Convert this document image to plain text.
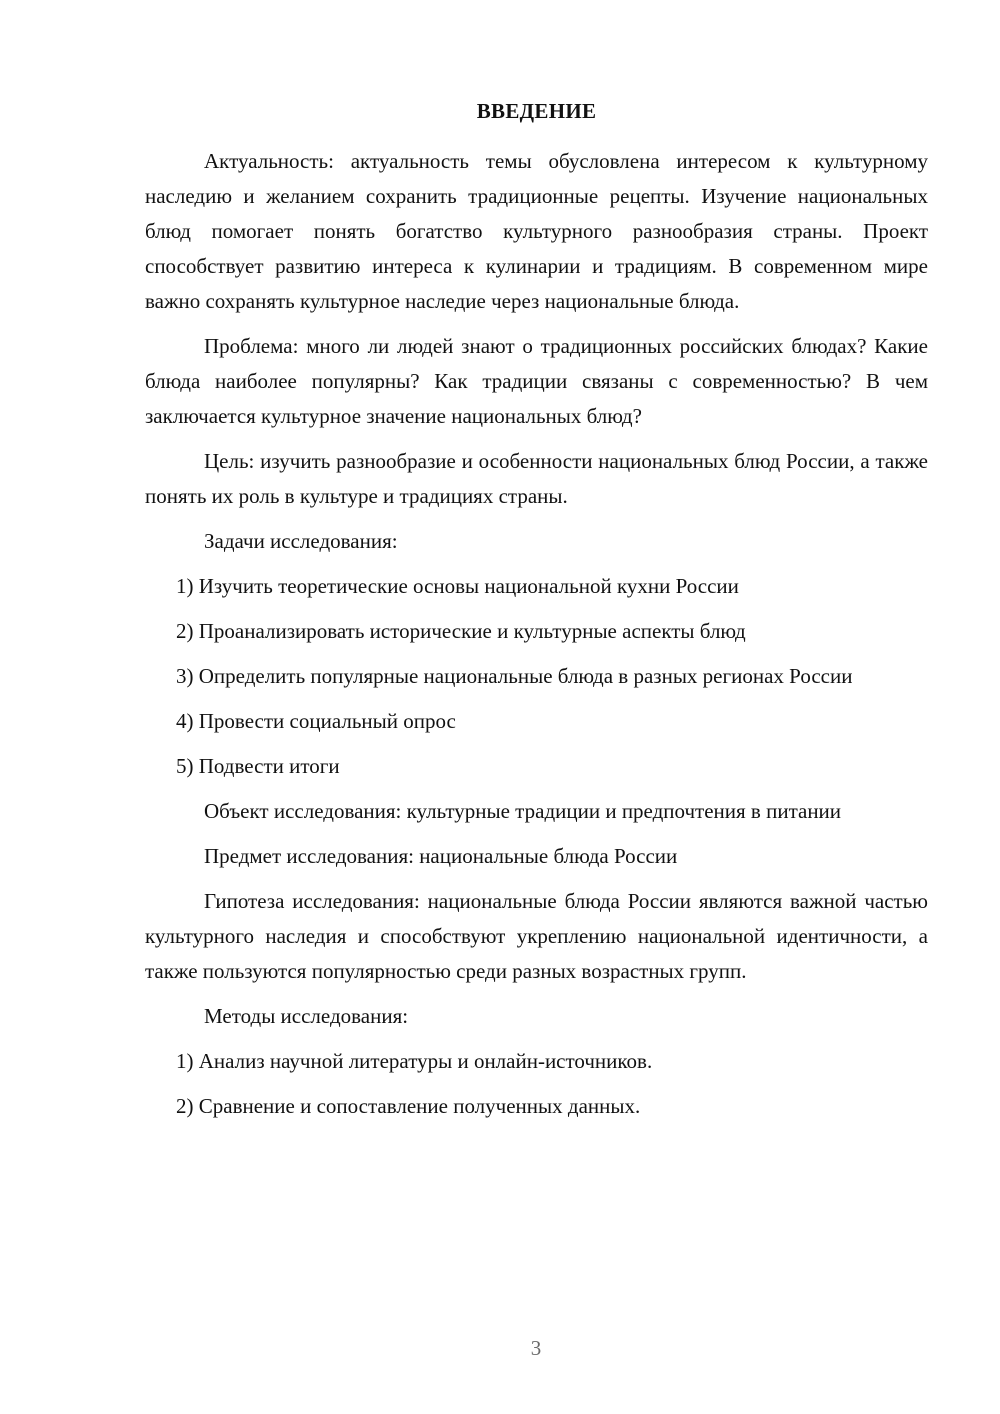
ВВЕДЕНИЕ

Актуальность: актуальность темы обусловлена интересом к культурному наследию и желанием сохранить традиционные рецепты. Изучение национальных блюд помогает понять богатство культурного разнообразия страны. Проект способствует развитию интереса к кулинарии и традициям. В современном мире важно сохранять культурное наследие через национальные блюда.

Проблема: много ли людей знают о традиционных российских блюдах? Какие блюда наиболее популярны? Как традиции связаны с современностью? В чем заключается культурное значение национальных блюд?

Цель: изучить разнообразие и особенности национальных блюд России, а также понять их роль в культуре и традициях страны.

Задачи исследования:

1) Изучить теоретические основы национальной кухни России

2) Проанализировать исторические и культурные аспекты блюд

3) Определить популярные национальные блюда в разных регионах России

4) Провести социальный опрос

5) Подвести итоги

Объект исследования: культурные традиции и предпочтения в питании

Предмет исследования: национальные блюда России

Гипотеза исследования: национальные блюда России являются важной частью культурного наследия и способствуют укреплению национальной идентичности, а также пользуются популярностью среди разных возрастных групп.

Методы исследования:

1) Анализ научной литературы и онлайн-источников.

2) Сравнение и сопоставление полученных данных.

3
